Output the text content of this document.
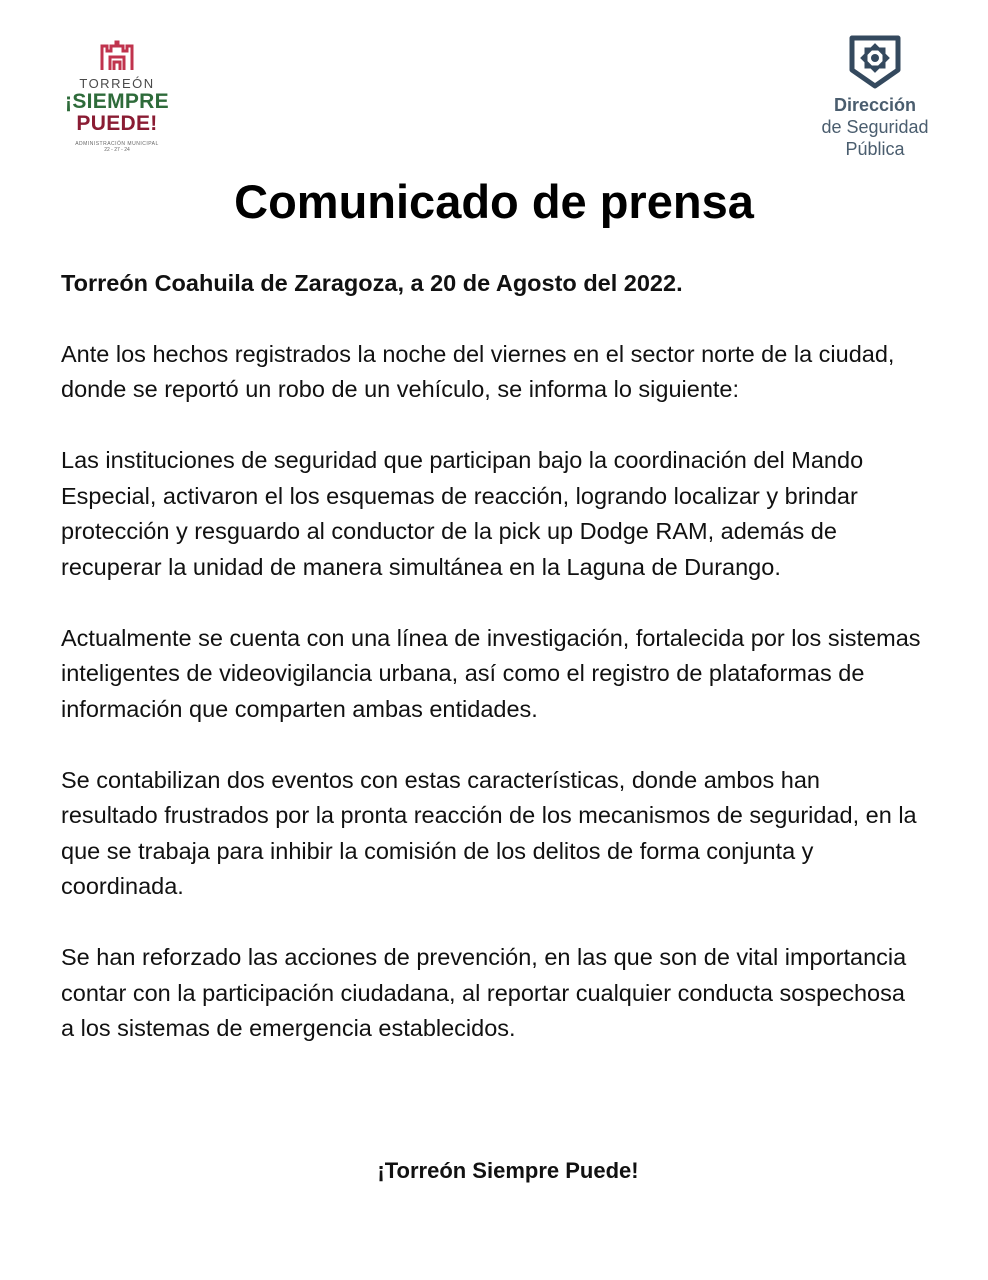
TORREÓN
¡SIEMPRE
PUEDE!
ADMINISTRACIÓN MUNICIPAL
22 - 27 - 24
Dirección
de Seguridad
Pública
Comunicado de prensa

Torreón Coahuila de Zaragoza, a 20 de Agosto del 2022.

Ante los hechos registrados la noche del viernes en el sector norte de la ciudad, donde se reportó un robo de un vehículo, se informa lo siguiente:

Las instituciones de seguridad que participan bajo la coordinación del Mando Especial, activaron el los esquemas de reacción, logrando localizar y brindar protección y resguardo al conductor de la pick up Dodge RAM, además de recuperar la unidad de manera simultánea en la Laguna de Durango.

Actualmente se cuenta con una línea de investigación, fortalecida por los sistemas inteligentes de videovigilancia urbana, así como el registro de plataformas de información que comparten ambas entidades.

Se contabilizan dos eventos con estas características, donde ambos han resultado frustrados por la pronta reacción de los mecanismos de seguridad, en la que se trabaja para inhibir la comisión de los delitos de forma conjunta y coordinada.

Se han reforzado las acciones de prevención, en las que son de vital importancia contar con la participación ciudadana, al reportar cualquier conducta sospechosa a los sistemas de emergencia establecidos.

¡Torreón Siempre Puede!
